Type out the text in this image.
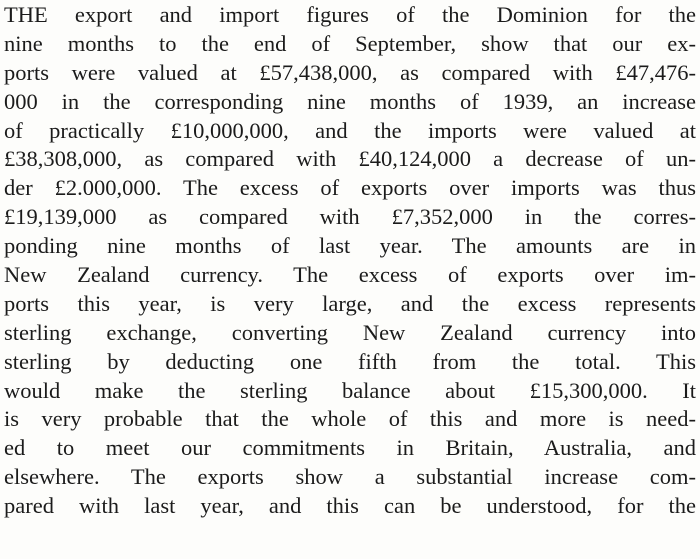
THE export and import figures of the Dominion for the
nine months to the end of September, show that our ex-
ports were valued at £57,438,000, as compared with £47,476-
000 in the corresponding nine months of 1939, an increase
of practically £10,000,000, and the imports were valued at
£38,308,000, as compared with £40,124,000 a decrease of un-
der £2.000,000. The excess of exports over imports was thus
£19,139,000 as compared with £7,352,000 in the corres-
ponding nine months of last year. The amounts are in
New Zealand currency. The excess of exports over im-
ports this year, is very large, and the excess represents
sterling exchange, converting New Zealand currency into
sterling by deducting one fifth from the total. This
would make the sterling balance about £15,300,000. It
is very probable that the whole of this and more is need-
ed to meet our commitments in Britain, Australia, and
elsewhere. The exports show a substantial increase com-
pared with last year, and this can be understood, for the
